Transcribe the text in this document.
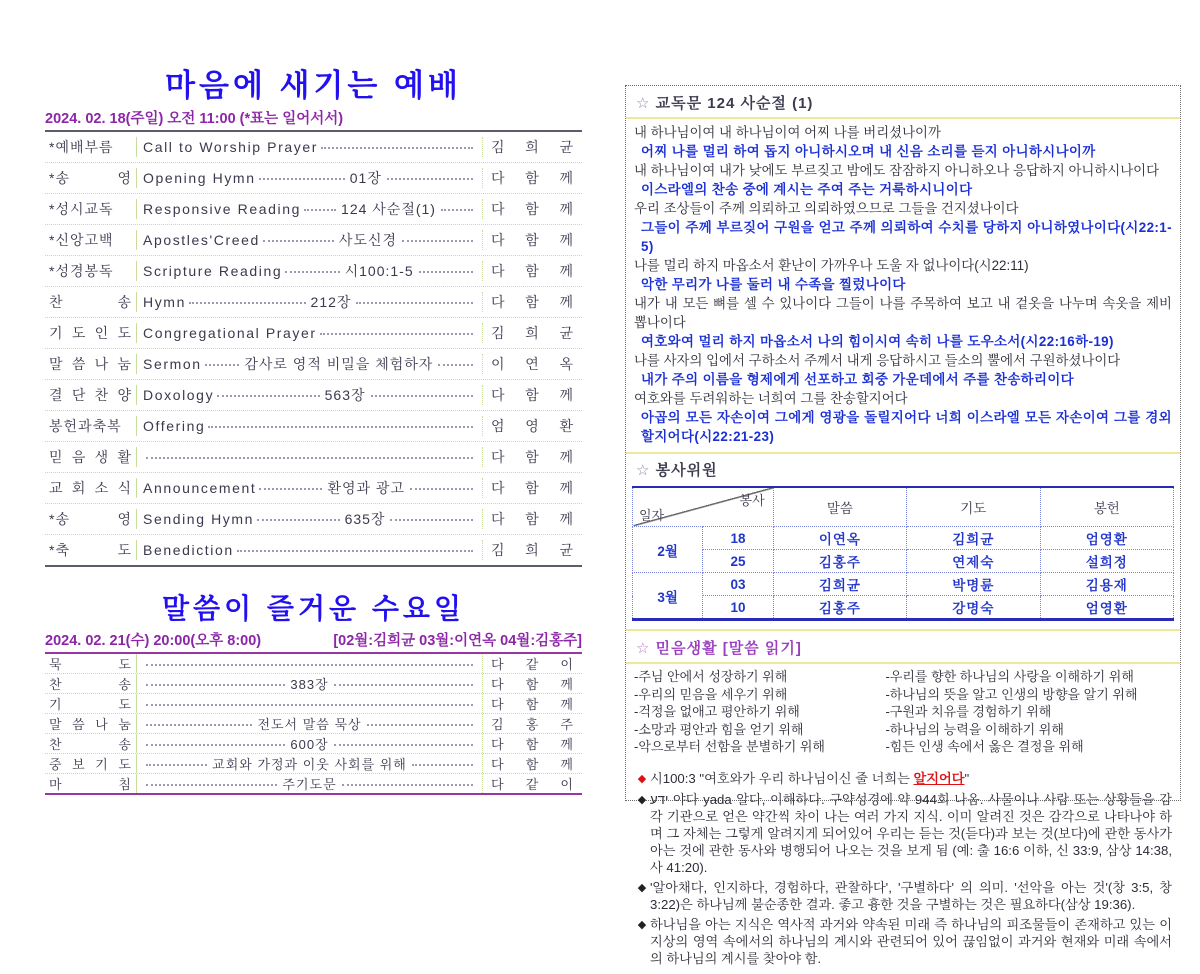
마음에 새기는 예배
2024. 02. 18(주일) 오전 11:00 (*표는 일어서서)
*예배부름	Call to Worship Prayer	김 희 균
*송 영 Opening Hymn	01장	다 함 께
*성시교독	Responsive Reading	124 사순절(1)	다 함 께
*신앙고백	Apostles'Creed	사도신경	다 함 께
*성경봉독	Scripture Reading	시100:1-5	다 함 께
찬 송 Hymn	212장	다 함 께
기 도 인 도 Congregational Prayer	김 희 균
말 씀 나 눔 Sermon	감사로 영적 비밀을 체험하자	이 연 옥
결 단 찬 양 Doxology	563장	다 함 께
봉헌과축복	Offering	엄 영 환
믿 음 생 활	다 함 께
교 회 소 식 Announcement	환영과 광고	다 함 께
*송 영 Sending Hymn	635장	다 함 께
*축 도 Benediction	김 희 균
말씀이 즐거운 수요일
2024. 02. 21(수) 20:00(오후 8:00)	[02월:김희균 03월:이연옥 04월:김홍주]
묵 도	다 같 이
찬 송	383장	다 함 께
기 도	다 함 께
말 씀 나 눔	전도서 말씀 묵상	김 홍 주
찬 송	600장	다 함 께
중 보 기 도	교회와 가정과 이웃 사회를 위해	다 함 께
마 침	주기도문	다 같 이
☆ 교독문 124 사순절 (1)
내 하나님이여 내 하나님이여 어찌 나를 버리셨나이까
어찌 나를 멀리 하여 돕지 아니하시오며 내 신음 소리를 듣지 아니하시나이까
내 하나님이여 내가 낮에도 부르짖고 밤에도 잠잠하지 아니하오나 응답하지 아니하시나이다
이스라엘의 찬송 중에 계시는 주여 주는 거룩하시니이다
우리 조상들이 주께 의뢰하고 의뢰하였으므로 그들을 건지셨나이다
그들이 주께 부르짖어 구원을 얻고 주께 의뢰하여 수치를 당하지 아니하였나이다(시22:1-5)
나를 멀리 하지 마옵소서 환난이 가까우나 도울 자 없나이다(시22:11)
악한 무리가 나를 둘러 내 수족을 찔렀나이다
내가 내 모든 뼈를 셀 수 있나이다 그들이 나를 주목하여 보고 내 겉옷을 나누며 속옷을 제비 뽑나이다
여호와여 멀리 하지 마옵소서 나의 힘이시여 속히 나를 도우소서(시22:16하-19)
나를 사자의 입에서 구하소서 주께서 내게 응답하시고 들소의 뿔에서 구원하셨나이다
내가 주의 이름을 형제에게 선포하고 회중 가운데에서 주를 찬송하리이다
여호와를 두려워하는 너희여 그를 찬송할지어다
아곱의 모든 자손이여 그에게 영광을 돌릴지어다 너희 이스라엘 모든 자손이여 그를 경외할지어다(시22:21-23)
☆ 봉사위원
봉사
일자		말씀	기도	봉헌
2월	18	이연옥	김희균	엄영환
	25	김홍주	연제숙	설희정
3월	03	김희균	박명륜	김용재
	10	김홍주	강명숙	엄영환
☆ 믿음생활 [말씀 읽기]
-주님 안에서 성장하기 위해	-우리를 향한 하나님의 사랑을 이해하기 위해
-우리의 믿음을 세우기 위해	-하나님의 뜻을 알고 인생의 방향을 알기 위해
-걱정을 없애고 평안하기 위해	-구원과 치유를 경험하기 위해
-소망과 평안과 힘을 얻기 위해	-하나님의 능력을 이해하기 위해
-악으로부터 선함을 분별하기 위해	-힘든 인생 속에서 옳은 결정을 위해
◆ 시100:3 "여호와가 우리 하나님이신 줄 너희는 알지어다"
◆ ידע 야다 yada 알다, 이해하다. 구약성경에 약 944회 나옴. 사물이나 사람 또는 상황들을 감각 기관으로 얻은 약간씩 차이 나는 여러 가지 지식. 이미 알려진 것은 감각으로 나타나야 하며 그 자체는 그렇게 알려지게 되어있어 우리는 듣는 것(듣다)과 보는 것(보다)에 관한 동사가 아는 것에 관한 동사와 병행되어 나오는 것을 보게 됨 (예: 출 16:6 이하, 신 33:9, 삼상 14:38, 사 41:20).
◆ '알아채다, 인지하다, 경험하다, 관찰하다', '구별하다' 의 의미. '선악을 아는 것'(창 3:5, 창 3:22)은 하나님께 불순종한 결과. 좋고 흉한 것을 구별하는 것은 필요하다(삼상 19:36).
◆ 하나님을 아는 지식은 역사적 과거와 약속된 미래 즉 하나님의 피조물들이 존재하고 있는 이 지상의 영역 속에서의 하나님의 계시와 관련되어 있어 끊임없이 과거와 현재와 미래 속에서의 하나님의 계시를 찾아야 함.
